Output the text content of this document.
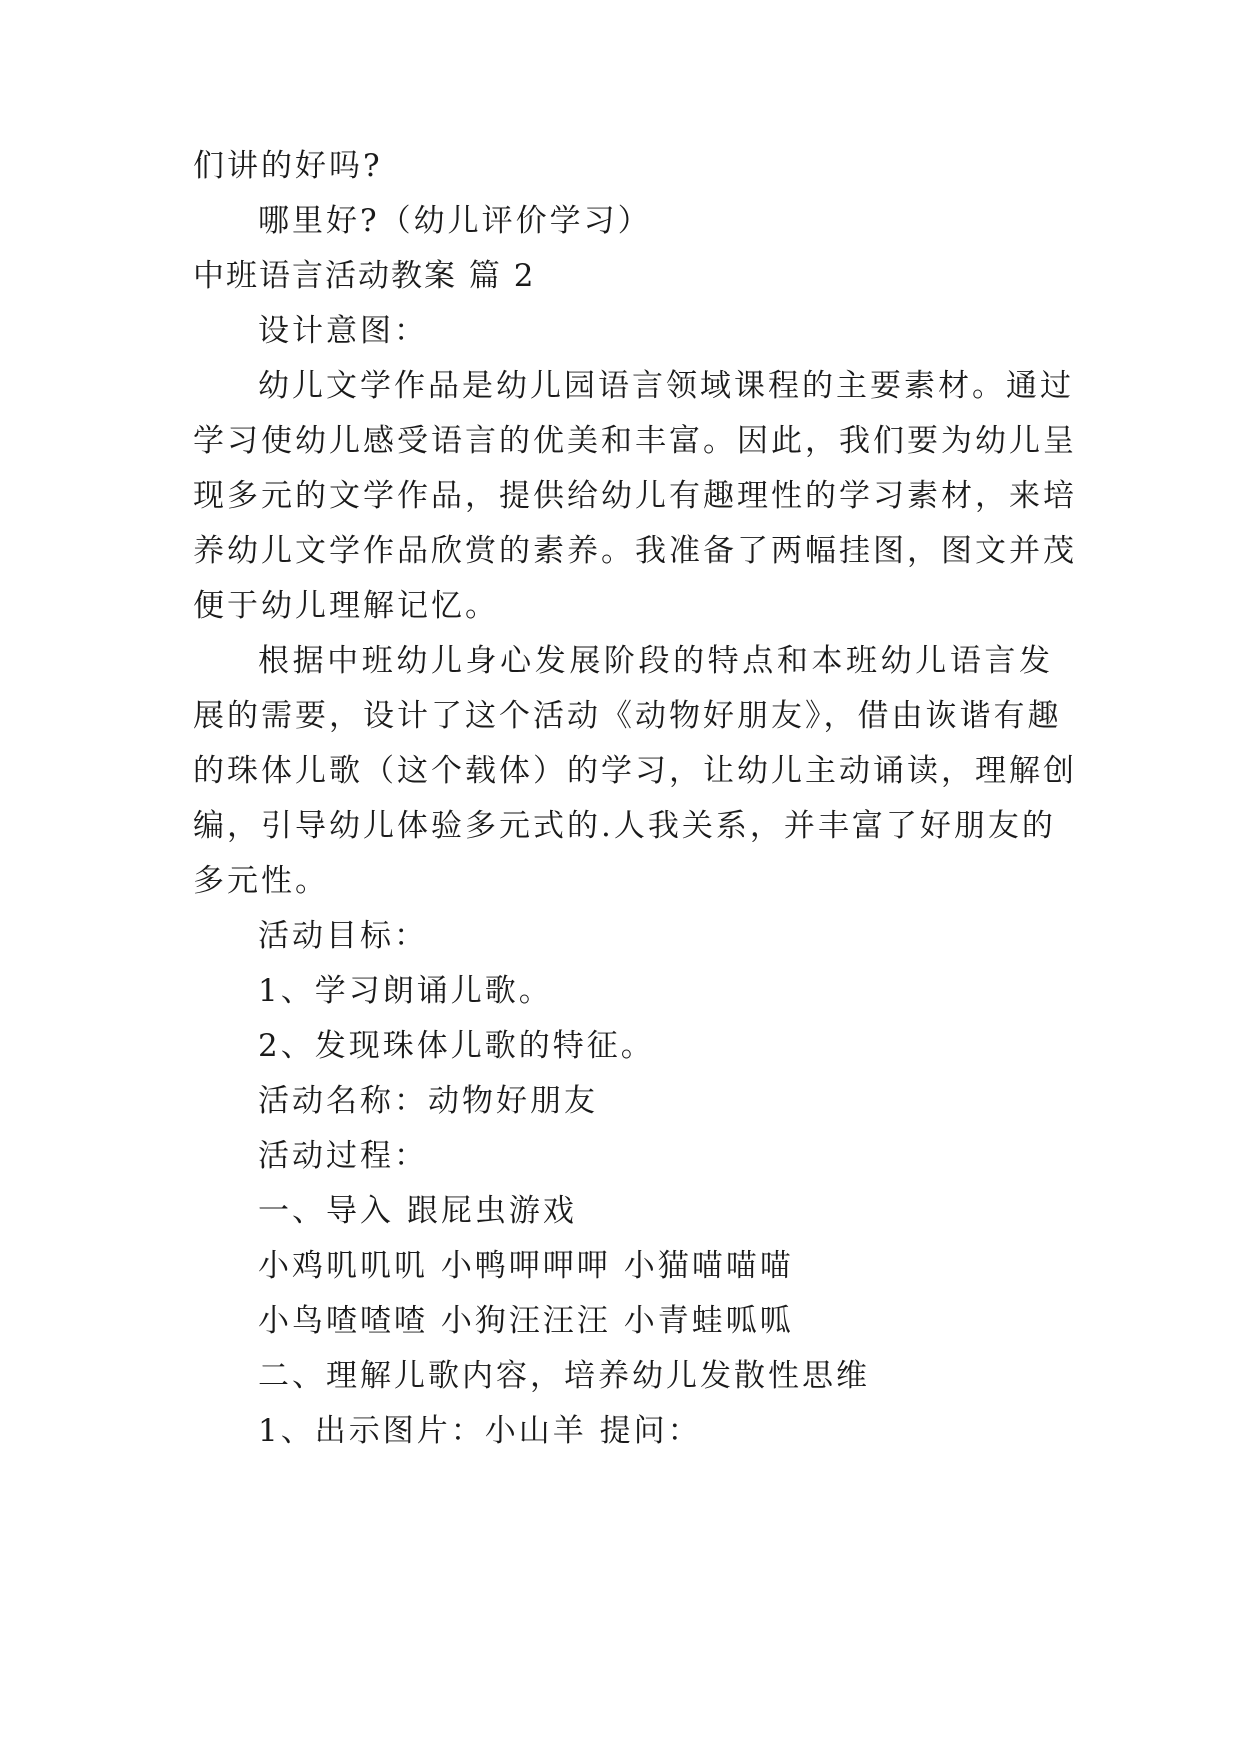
们讲的好吗?
哪里好?（幼儿评价学习）
中班语言活动教案 篇 2
设计意图：
幼儿文学作品是幼儿园语言领域课程的主要素材。通过
学习使幼儿感受语言的优美和丰富。因此，我们要为幼儿呈
现多元的文学作品，提供给幼儿有趣理性的学习素材，来培
养幼儿文学作品欣赏的素养。我准备了两幅挂图，图文并茂
便于幼儿理解记忆。
根据中班幼儿身心发展阶段的特点和本班幼儿语言发
展的需要，设计了这个活动《动物好朋友》，借由诙谐有趣
的珠体儿歌（这个载体）的学习，让幼儿主动诵读，理解创
编，引导幼儿体验多元式的.人我关系，并丰富了好朋友的
多元性。
活动目标：
1、学习朗诵儿歌。
2、发现珠体儿歌的特征。
活动名称：动物好朋友
活动过程：
一、导入 跟屁虫游戏
小鸡叽叽叽 小鸭呷呷呷 小猫喵喵喵
小鸟喳喳喳 小狗汪汪汪 小青蛙呱呱
二、理解儿歌内容，培养幼儿发散性思维
1、出示图片：小山羊 提问：
